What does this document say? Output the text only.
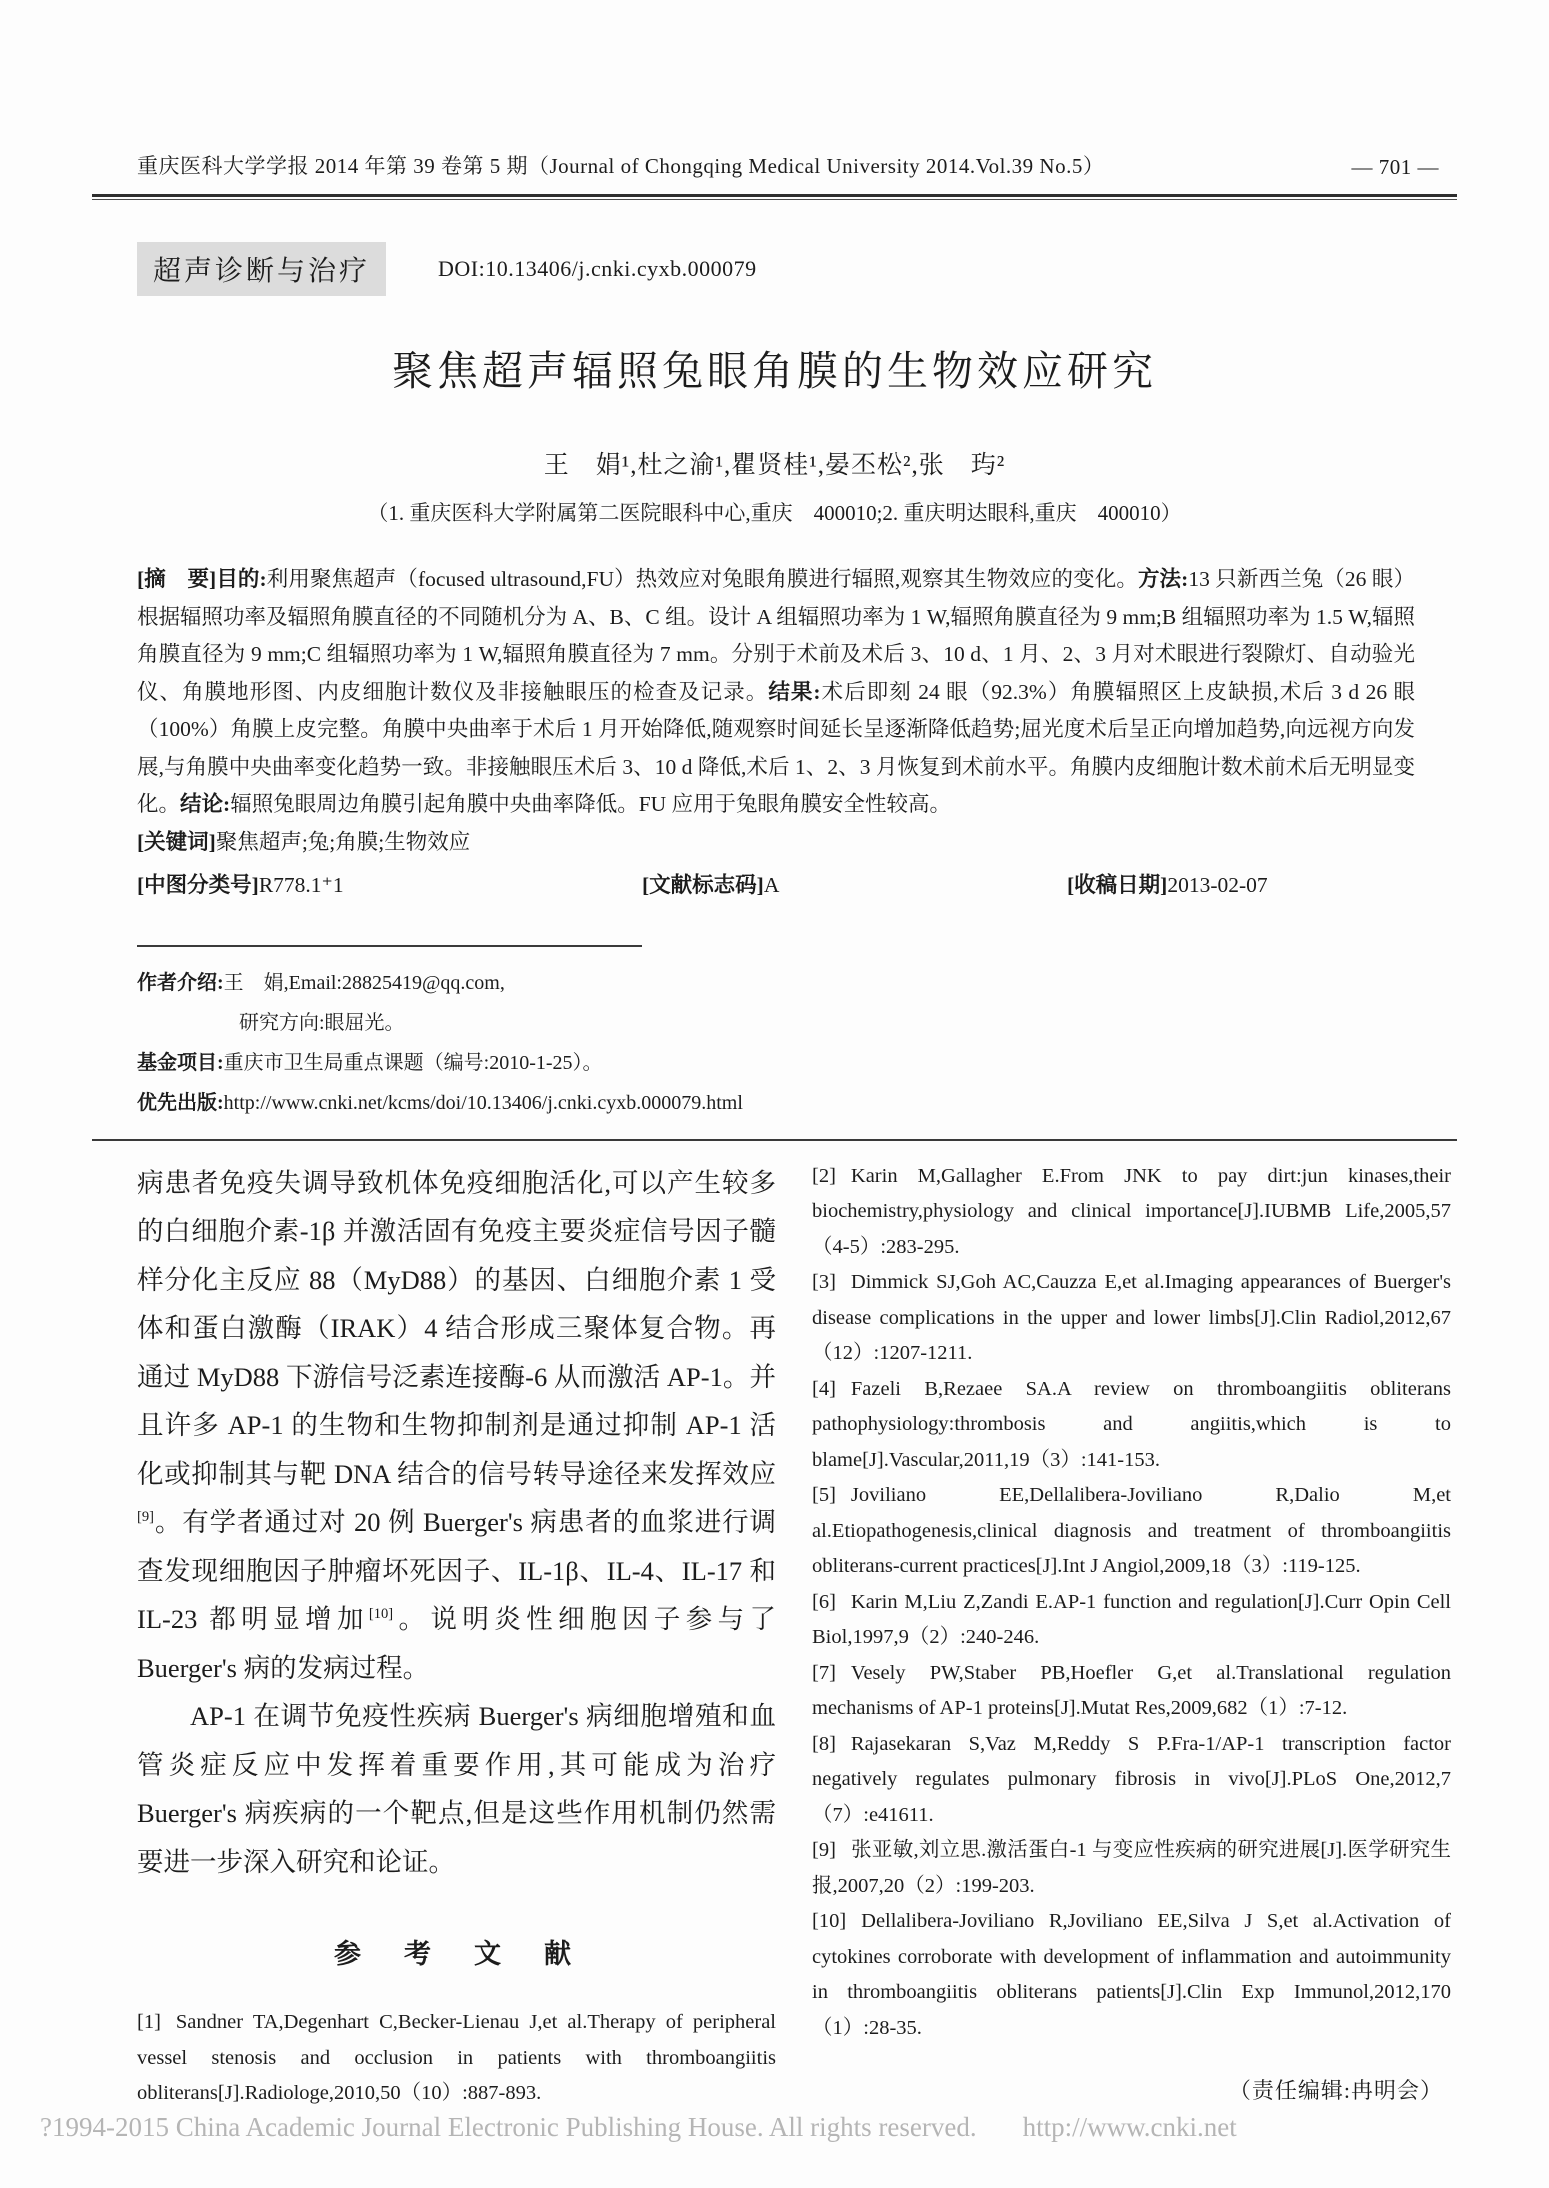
重庆医科大学学报 2014 年第 39 卷第 5 期（Journal of Chongqing Medical University 2014.Vol.39 No.5）	— 701 —
超声诊断与治疗	DOI:10.13406/j.cnki.cyxb.000079
聚焦超声辐照兔眼角膜的生物效应研究
王　娟¹,杜之渝¹,瞿贤桂¹,晏丕松²,张　玙²
（1. 重庆医科大学附属第二医院眼科中心,重庆　400010;2. 重庆明达眼科,重庆　400010）
[摘　要]目的:利用聚焦超声（focused ultrasound,FU）热效应对兔眼角膜进行辐照,观察其生物效应的变化。方法:13 只新西兰兔（26 眼）根据辐照功率及辐照角膜直径的不同随机分为 A、B、C 组。设计 A 组辐照功率为 1 W,辐照角膜直径为 9 mm;B 组辐照功率为 1.5 W,辐照角膜直径为 9 mm;C 组辐照功率为 1 W,辐照角膜直径为 7 mm。分别于术前及术后 3、10 d、1 月、2、3 月对术眼进行裂隙灯、自动验光仪、角膜地形图、内皮细胞计数仪及非接触眼压的检查及记录。结果:术后即刻 24 眼（92.3%）角膜辐照区上皮缺损,术后 3 d 26 眼（100%）角膜上皮完整。角膜中央曲率于术后 1 月开始降低,随观察时间延长呈逐渐降低趋势;屈光度术后呈正向增加趋势,向远视方向发展,与角膜中央曲率变化趋势一致。非接触眼压术后 3、10 d 降低,术后 1、2、3 月恢复到术前水平。角膜内皮细胞计数术前术后无明显变化。结论:辐照兔眼周边角膜引起角膜中央曲率降低。FU 应用于兔眼角膜安全性较高。
[关键词]聚焦超声;兔;角膜;生物效应
[中图分类号]R778.1⁺1	[文献标志码]A	[收稿日期]2013-02-07
作者介绍:王　娟,Email:28825419@qq.com,
研究方向:眼屈光。
基金项目:重庆市卫生局重点课题（编号:2010-1-25）。
优先出版:http://www.cnki.net/kcms/doi/10.13406/j.cnki.cyxb.000079.html

病患者免疫失调导致机体免疫细胞活化,可以产生较多的白细胞介素-1β 并激活固有免疫主要炎症信号因子髓样分化主反应 88（MyD88）的基因、白细胞介素 1 受体和蛋白激酶（IRAK）4 结合形成三聚体复合物。再通过 MyD88 下游信号泛素连接酶-6 从而激活 AP-1。并且许多 AP-1 的生物和生物抑制剂是通过抑制 AP-1 活化或抑制其与靶 DNA 结合的信号转导途径来发挥效应[9]。有学者通过对 20 例 Buerger's 病患者的血浆进行调查发现细胞因子肿瘤坏死因子、IL-1β、IL-4、IL-17 和 IL-23 都明显增加[10]。说明炎性细胞因子参与了 Buerger's 病的发病过程。

AP-1 在调节免疫性疾病 Buerger's 病细胞增殖和血管炎症反应中发挥着重要作用,其可能成为治疗 Buerger's 病疾病的一个靶点,但是这些作用机制仍然需要进一步深入研究和论证。

参　考　文　献

[1] Sandner TA,Degenhart C,Becker-Lienau J,et al.Therapy of peripheral vessel stenosis and occlusion in patients with thromboangiitis obliterans[J].Radiologe,2010,50（10）:887-893.

[2] Karin M,Gallagher E.From JNK to pay dirt:jun kinases,their biochemistry,physiology and clinical importance[J].IUBMB Life,2005,57（4-5）:283-295.

[3] Dimmick SJ,Goh AC,Cauzza E,et al.Imaging appearances of Buerger's disease complications in the upper and lower limbs[J].Clin Radiol,2012,67（12）:1207-1211.

[4] Fazeli B,Rezaee SA.A review on thromboangiitis obliterans pathophysiology:thrombosis and angiitis,which is to blame[J].Vascular,2011,19（3）:141-153.

[5] Joviliano EE,Dellalibera-Joviliano R,Dalio M,et al.Etiopathogenesis,clinical diagnosis and treatment of thromboangiitis obliterans-current practices[J].Int J Angiol,2009,18（3）:119-125.

[6] Karin M,Liu Z,Zandi E.AP-1 function and regulation[J].Curr Opin Cell Biol,1997,9（2）:240-246.

[7] Vesely PW,Staber PB,Hoefler G,et al.Translational regulation mechanisms of AP-1 proteins[J].Mutat Res,2009,682（1）:7-12.

[8] Rajasekaran S,Vaz M,Reddy S P.Fra-1/AP-1 transcription factor negatively regulates pulmonary fibrosis in vivo[J].PLoS One,2012,7（7）:e41611.

[9] 张亚敏,刘立思.激活蛋白-1 与变应性疾病的研究进展[J].医学研究生报,2007,20（2）:199-203.

[10] Dellalibera-Joviliano R,Joviliano EE,Silva J S,et al.Activation of cytokines corroborate with development of inflammation and autoimmunity in thromboangiitis obliterans patients[J].Clin Exp Immunol,2012,170（1）:28-35.

（责任编辑:冉明会）
?1994-2015 China Academic Journal Electronic Publishing House. All rights reserved. http://www.cnki.net
